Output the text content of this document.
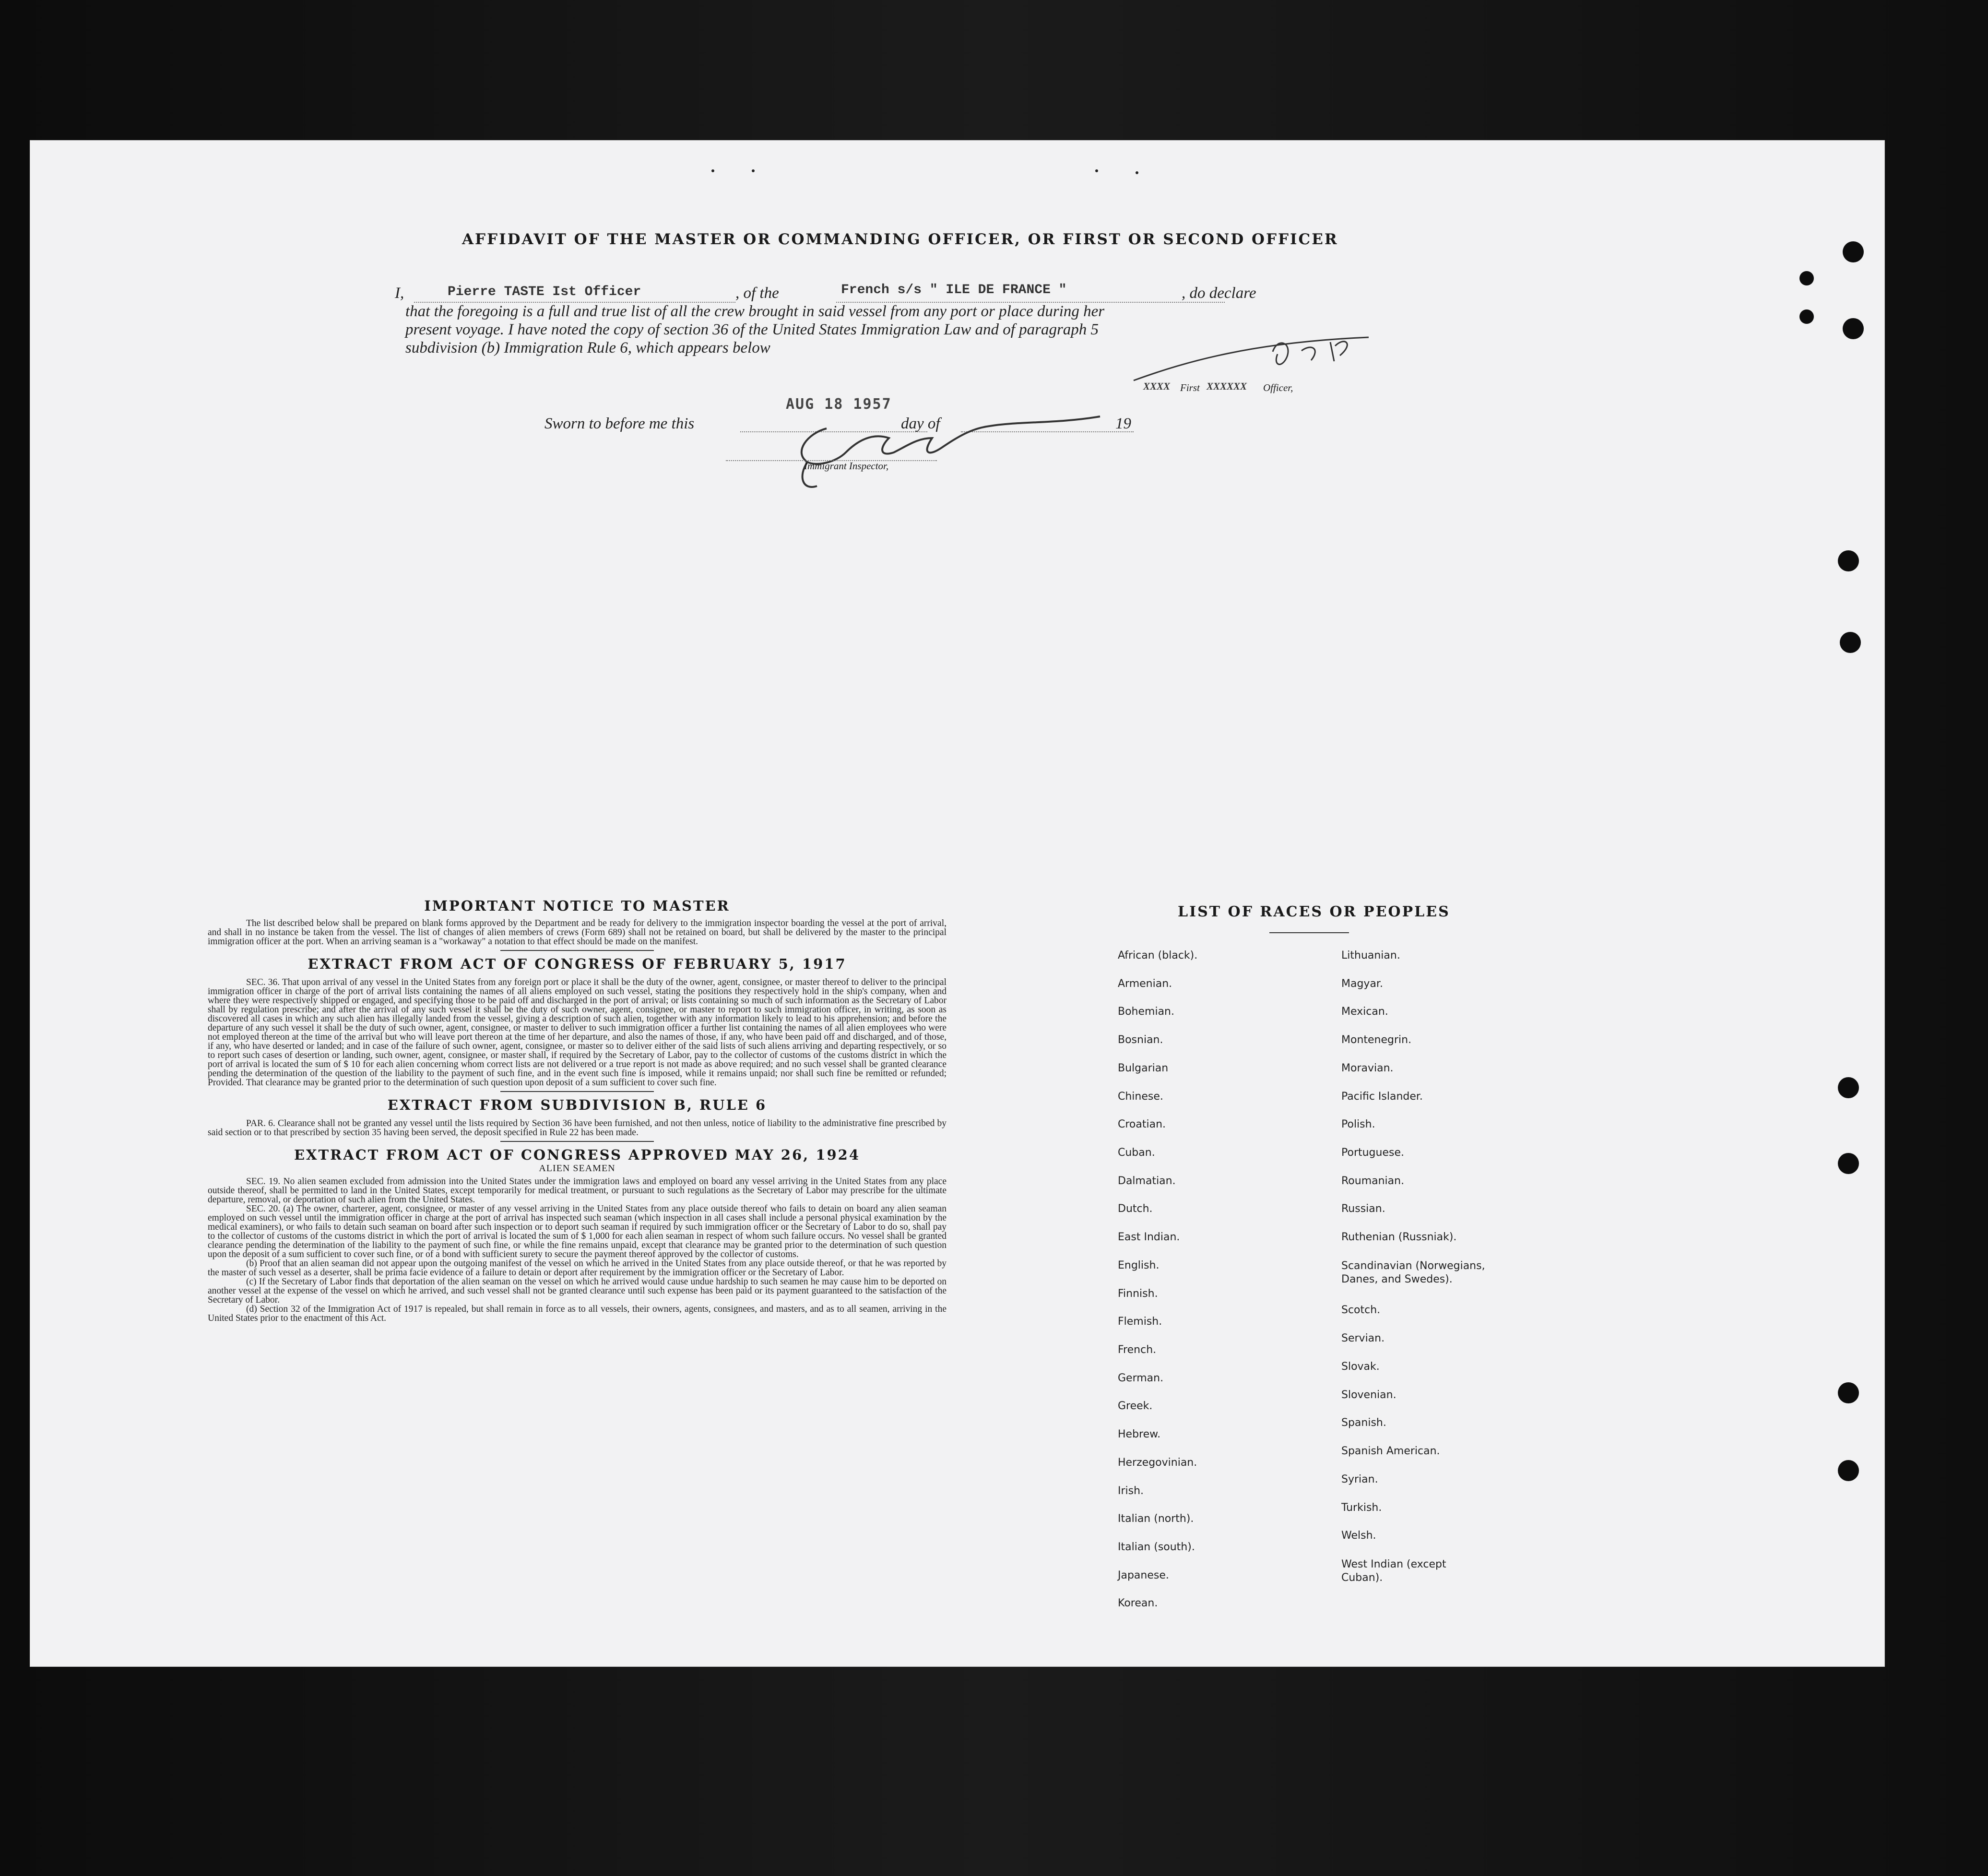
AFFIDAVIT OF THE MASTER OR COMMANDING OFFICER, OR FIRST OR SECOND OFFICER
I,	Pierre TASTE Ist Officer	, of the	French s/s " ILE DE FRANCE "	, do declare
that the foregoing is a full and true list of all the crew brought in said vessel from any port or place during her
present voyage. I have noted the copy of section 36 of the United States Immigration Law and of paragraph 5
subdivision (b) Immigration Rule 6, which appears below
XXXX First XXXXXX Officer,
Sworn to before me this
AUG 18 1957
day of	19
Immigrant Inspector,
IMPORTANT NOTICE TO MASTER
The list described below shall be prepared on blank forms approved by the Department and be ready for delivery to the immigration inspector boarding the vessel at the port of arrival, and shall in no instance be taken from the vessel. The list of changes of alien members of crews (Form 689) shall not be retained on board, but shall be delivered by the master to the principal immigration officer at the port. When an arriving seaman is a "workaway" a notation to that effect should be made on the manifest.
EXTRACT FROM ACT OF CONGRESS OF FEBRUARY 5, 1917
SEC. 36. That upon arrival of any vessel in the United States from any foreign port or place it shall be the duty of the owner, agent, consignee, or master thereof to deliver to the principal immigration officer in charge of the port of arrival lists containing the names of all aliens employed on such vessel, stating the positions they respectively hold in the ship's company, when and where they were respectively shipped or engaged, and specifying those to be paid off and discharged in the port of arrival; or lists containing so much of such information as the Secretary of Labor shall by regulation prescribe; and after the arrival of any such vessel it shall be the duty of such owner, agent, consignee, or master to report to such immigration officer, in writing, as soon as discovered all cases in which any such alien has illegally landed from the vessel, giving a description of such alien, together with any information likely to lead to his apprehension; and before the departure of any such vessel it shall be the duty of such owner, agent, consignee, or master to deliver to such immigration officer a further list containing the names of all alien employees who were not employed thereon at the time of the arrival but who will leave port thereon at the time of her departure, and also the names of those, if any, who have been paid off and discharged, and of those, if any, who have deserted or landed; and in case of the failure of such owner, agent, consignee, or master so to deliver either of the said lists of such aliens arriving and departing respectively, or so to report such cases of desertion or landing, such owner, agent, consignee, or master shall, if required by the Secretary of Labor, pay to the collector of customs of the customs district in which the port of arrival is located the sum of $ 10 for each alien concerning whom correct lists are not delivered or a true report is not made as above required; and no such vessel shall be granted clearance pending the determination of the question of the liability to the payment of such fine, and in the event such fine is imposed, while it remains unpaid; nor shall such fine be remitted or refunded; Provided. That clearance may be granted prior to the determination of such question upon deposit of a sum sufficient to cover such fine.
EXTRACT FROM SUBDIVISION B, RULE 6
PAR. 6. Clearance shall not be granted any vessel until the lists required by Section 36 have been furnished, and not then unless, notice of liability to the administrative fine prescribed by said section or to that prescribed by section 35 having been served, the deposit specified in Rule 22 has been made.
EXTRACT FROM ACT OF CONGRESS APPROVED MAY 26, 1924
ALIEN SEAMEN
SEC. 19. No alien seamen excluded from admission into the United States under the immigration laws and employed on board any vessel arriving in the United States from any place outside thereof, shall be permitted to land in the United States, except temporarily for medical treatment, or pursuant to such regulations as the Secretary of Labor may prescribe for the ultimate departure, removal, or deportation of such alien from the United States.
SEC. 20. (a) The owner, charterer, agent, consignee, or master of any vessel arriving in the United States from any place outside thereof who fails to detain on board any alien seaman employed on such vessel until the immigration officer in charge at the port of arrival has inspected such seaman (which inspection in all cases shall include a personal physical examination by the medical examiners), or who fails to detain such seaman on board after such inspection or to deport such seaman if required by such immigration officer or the Secretary of Labor to do so, shall pay to the collector of customs of the customs district in which the port of arrival is located the sum of $ 1,000 for each alien seaman in respect of whom such failure occurs. No vessel shall be granted clearance pending the determination of the liability to the payment of such fine, or while the fine remains unpaid, except that clearance may be granted prior to the determination of such question upon the deposit of a sum sufficient to cover such fine, or of a bond with sufficient surety to secure the payment thereof approved by the collector of customs.
(b) Proof that an alien seaman did not appear upon the outgoing manifest of the vessel on which he arrived in the United States from any place outside thereof, or that he was reported by the master of such vessel as a deserter, shall be prima facie evidence of a failure to detain or deport after requirement by the immigration officer or the Secretary of Labor.
(c) If the Secretary of Labor finds that deportation of the alien seaman on the vessel on which he arrived would cause undue hardship to such seamen he may cause him to be deported on another vessel at the expense of the vessel on which he arrived, and such vessel shall not be granted clearance until such expense has been paid or its payment guaranteed to the satisfaction of the Secretary of Labor.
(d) Section 32 of the Immigration Act of 1917 is repealed, but shall remain in force as to all vessels, their owners, agents, consignees, and masters, and as to all seamen, arriving in the United States prior to the enactment of this Act.
LIST OF RACES OR PEOPLES
African (black).
Armenian.
Bohemian.
Bosnian.
Bulgarian
Chinese.
Croatian.
Cuban.
Dalmatian.
Dutch.
East Indian.
English.
Finnish.
Flemish.
French.
German.
Greek.
Hebrew.
Herzegovinian.
Irish.
Italian (north).
Italian (south).
Japanese.
Korean.
Lithuanian.
Magyar.
Mexican.
Montenegrin.
Moravian.
Pacific Islander.
Polish.
Portuguese.
Roumanian.
Russian.
Ruthenian (Russniak).
Scandinavian (Norwegians, Danes, and Swedes).
Scotch.
Servian.
Slovak.
Slovenian.
Spanish.
Spanish American.
Syrian.
Turkish.
Welsh.
West Indian (except Cuban).
